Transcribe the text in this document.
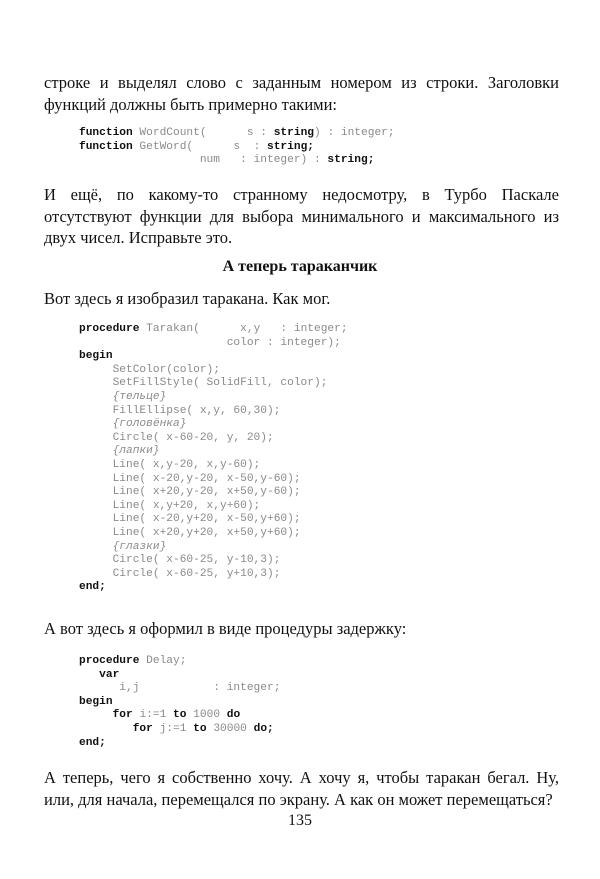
строке и выделял слово с заданным номером из строки. Заголовки функций должны быть примерно такими:

function WordCount(      s : string) : integer;
function GetWord(      s  : string;
num   : integer) : string;

И ещё, по какому-то странному недосмотру, в Турбо Паскале отсутствуют функции для выбора минимального и максимального из двух чисел. Исправьте это.

А теперь тараканчик

Вот здесь я изобразил таракана. Как мог.

procedure Tarakan(      x,y   : integer;
color : integer);
begin
SetColor(color);
SetFillStyle( SolidFill, color);
{тельце}
FillEllipse( x,y, 60,30);
{головёнка}
Circle( x-60-20, y, 20);
{лапки}
Line( x,y-20, x,y-60);
Line( x-20,y-20, x-50,y-60);
Line( x+20,y-20, x+50,y-60);
Line( x,y+20, x,y+60);
Line( x-20,y+20, x-50,y+60);
Line( x+20,y+20, x+50,y+60);
{глазки}
Circle( x-60-25, y-10,3);
Circle( x-60-25, y+10,3);
end;

А вот здесь я оформил в виде процедуры задержку:

procedure Delay;
var
i,j           : integer;
begin
for i:=1 to 1000 do
for j:=1 to 30000 do;
end;

А теперь, чего я собственно хочу. А хочу я, чтобы таракан бегал. Ну, или, для начала, перемещался по экрану. А как он может перемещаться?

135
